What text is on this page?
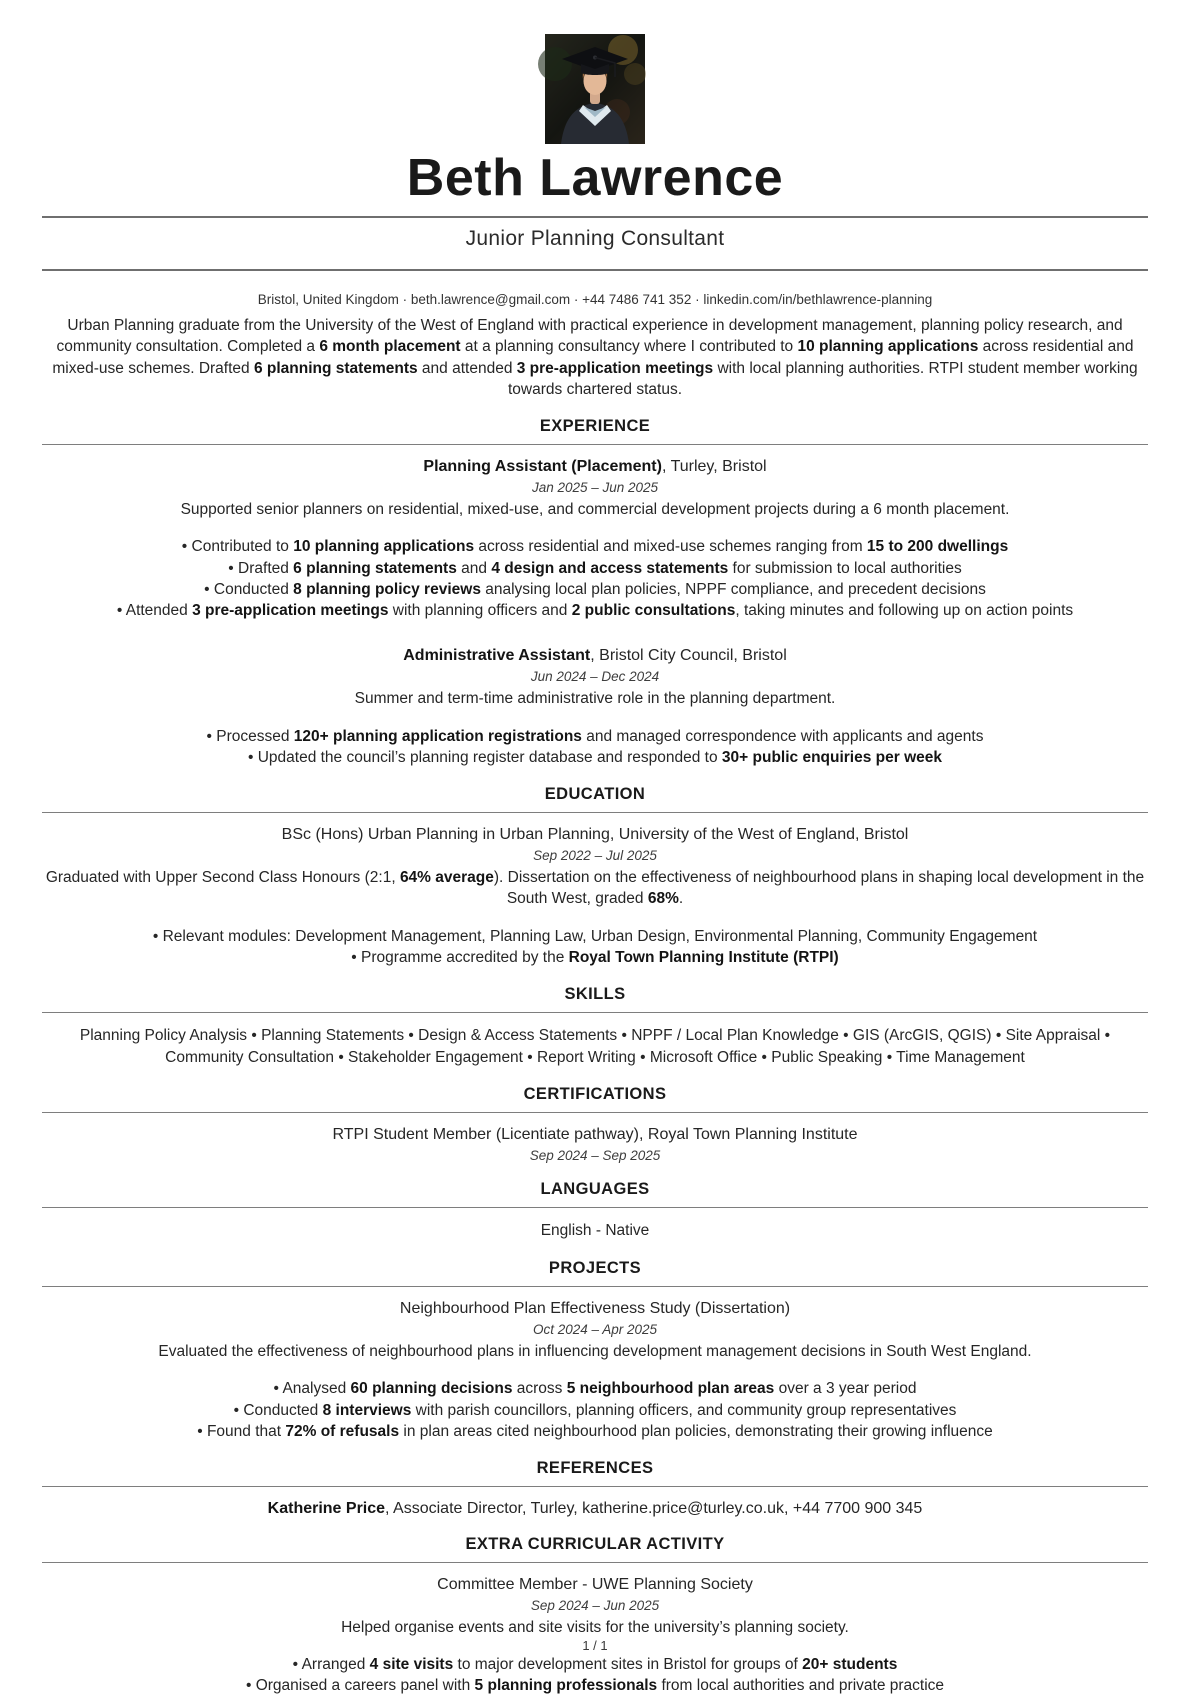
Beth Lawrence
Junior Planning Consultant
Bristol, United Kingdom · beth.lawrence@gmail.com · +44 7486 741 352 · linkedin.com/in/bethlawrence-planning

Urban Planning graduate from the University of the West of England with practical experience in development management, planning policy research, and community consultation. Completed a 6 month placement at a planning consultancy where I contributed to 10 planning applications across residential and mixed-use schemes. Drafted 6 planning statements and attended 3 pre-application meetings with local planning authorities. RTPI student member working towards chartered status.

EXPERIENCE
Planning Assistant (Placement), Turley, Bristol
Jan 2025 – Jun 2025
Supported senior planners on residential, mixed-use, and commercial development projects during a 6 month placement.
• Contributed to 10 planning applications across residential and mixed-use schemes ranging from 15 to 200 dwellings
• Drafted 6 planning statements and 4 design and access statements for submission to local authorities
• Conducted 8 planning policy reviews analysing local plan policies, NPPF compliance, and precedent decisions
• Attended 3 pre-application meetings with planning officers and 2 public consultations, taking minutes and following up on action points
Administrative Assistant, Bristol City Council, Bristol
Jun 2024 – Dec 2024
Summer and term-time administrative role in the planning department.
• Processed 120+ planning application registrations and managed correspondence with applicants and agents
• Updated the council’s planning register database and responded to 30+ public enquiries per week
EDUCATION
BSc (Hons) Urban Planning in Urban Planning, University of the West of England, Bristol
Sep 2022 – Jul 2025
Graduated with Upper Second Class Honours (2:1, 64% average). Dissertation on the effectiveness of neighbourhood plans in shaping local development in the South West, graded 68%.
• Relevant modules: Development Management, Planning Law, Urban Design, Environmental Planning, Community Engagement
• Programme accredited by the Royal Town Planning Institute (RTPI)
SKILLS

Planning Policy Analysis • Planning Statements • Design & Access Statements • NPPF / Local Plan Knowledge • GIS (ArcGIS, QGIS) • Site Appraisal • Community Consultation • Stakeholder Engagement • Report Writing • Microsoft Office • Public Speaking • Time Management

CERTIFICATIONS
RTPI Student Member (Licentiate pathway), Royal Town Planning Institute
Sep 2024 – Sep 2025
LANGUAGES

English - Native

PROJECTS
Neighbourhood Plan Effectiveness Study (Dissertation)
Oct 2024 – Apr 2025
Evaluated the effectiveness of neighbourhood plans in influencing development management decisions in South West England.
• Analysed 60 planning decisions across 5 neighbourhood plan areas over a 3 year period
• Conducted 8 interviews with parish councillors, planning officers, and community group representatives
• Found that 72% of refusals in plan areas cited neighbourhood plan policies, demonstrating their growing influence
REFERENCES
Katherine Price, Associate Director, Turley, katherine.price@turley.co.uk, +44 7700 900 345
EXTRA CURRICULAR ACTIVITY
Committee Member - UWE Planning Society
Sep 2024 – Jun 2025
Helped organise events and site visits for the university’s planning society.
• Arranged 4 site visits to major development sites in Bristol for groups of 20+ students
• Organised a careers panel with 5 planning professionals from local authorities and private practice
1 / 1
